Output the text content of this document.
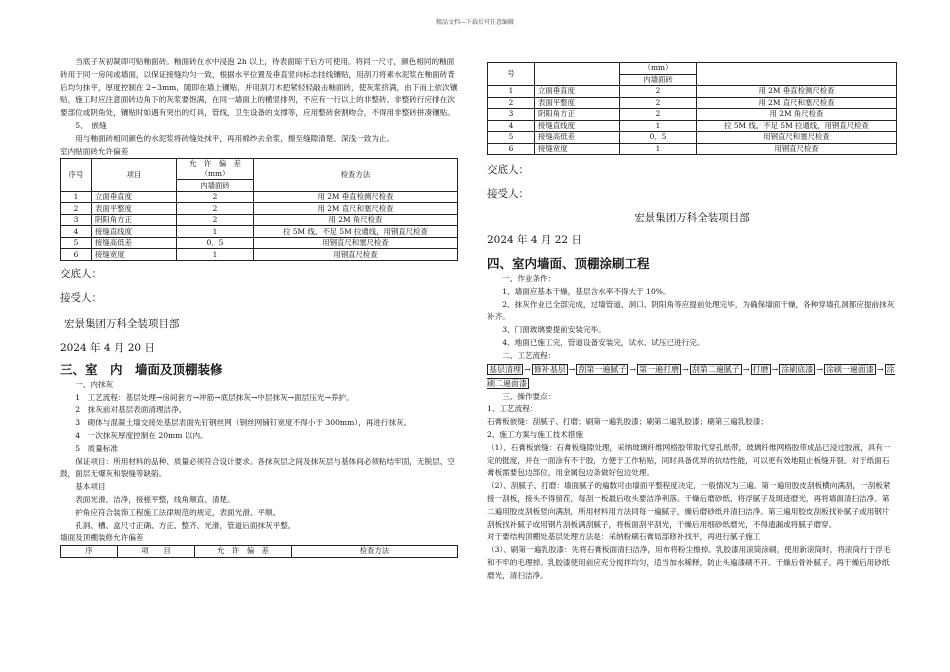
精品文档---下载后可任意编辑

当底子灰初凝即可贴釉面砖。釉面砖在水中浸泡 2h 以上，待表面晾干后方可使用。将同一尺寸，颜色相同的釉面砖用于同一房间或墙面，以保证接缝均匀一致，根据水平位置及垂直竖向标志挂线镶贴，用刮刀将素水泥浆在釉面砖背后均匀抹平，厚度控制在 2~3mm，随即在墙上镶贴，并用刮刀木把紧轻轻敲击釉面砖，使灰浆挤满，由下而上依次镶贴，施工时应注意面砖边角下的灰浆要饱满，在同一墙面上的横竖排列，不应有一行以上的非整砖、非整砖行应排在次要部位或阴角处，镶贴时如遇有突出的灯具，管线，卫生设备的支撑等，应用整砖套割吻合，不得用非整砖拼凑镶贴。

5、　嵌缝

用与釉面砖相同颜色的水泥浆将砖缝处抹平，再用棉纱去余浆，擦至缝隙清楚、深浅一致为止。

室内贴面砖允许偏差

序号	项目	允　许　偏　差（mm）	检查方法
		内墙面砖	
1	立面垂直度	2	用 2M 垂直检测尺检查
2	表面平整度	2	用 2M 直尺和塞尺检查
3	阴阳角方正	2	用 2M 角尺检查
4	接缝直线度	1	拉 5M 线、不足 5M 拉通线，用钢直尺检查
5	接缝高低差	0．5	用钢直尺和塞尺检查
6	接缝宽度	1	用钢直尺检查

交底人：

接受人：

宏景集团万科全装项目部

2024 年 4 月 20 日

三、室　内　墙面及顶棚装修

一、内抹灰

1　工艺流程：基层处理→房间套方→冲筋→底层抹灰→中层抹灰→面层压光→养护。

2　抹灰前对基层表面清理洁净。

3　砌体与混凝土墙交接处基层表面先钉钢丝网（钢丝网铺钉宽度不得小于 300mm），再进行抹灰。

4　一次抹灰厚度控制在 20mm 以内。

5　质量标准

保证项目：所用材料的品种、质量必须符合设计要求。各抹灰层之间及抹灰层与基体间必须粘结牢固，无脱层、空鼓，面层无爆灰和裂缝等缺陷。

基本项目

表面光滑、洁净，接槎平整，线角顺直、清楚。

护角应符合装饰工程施工法律规范的规定，表面光滑、平顺。

孔洞、槽、盒尺寸正确、方正、整齐、光滑，管道后面抹灰平整。

墙面及顶棚装修允许偏差

序	项　　目	允　许　偏　差	检查方法
号		（mm）	
		内墙面砖	
1	立面垂直度	2	用 2M 垂直检测尺检查
2	表面平整度	2	用 2M 直尺和塞尺检查
3	阴阳角方正	2	用 2M 角尺检查
4	接缝直线度	1	拉 5M 线、不足 5M 拉通线，用钢直尺检查
5	接缝高低差	0．5	用钢直尺和塞尺检查
6	接缝宽度	1	用钢直尺检查

交底人：

接受人：

宏景集团万科全装项目部

2024 年 4 月 22 日

四、室内墙面、顶棚涂刷工程

一、作业条件：

1、墙面应基本干燥，基层含水率不得大于 10%。

2、抹灰作业已全部完成，过墙管道、洞口、阴阳角等应提前处理完毕，为确保墙面干燥，各种穿墙孔洞都应提前抹灰补齐。

3、门窗玻璃要提前安装完毕。

4、地面已施工完，管道设备安装完，试水、试压已进行完。

二、工艺流程：

基层清理 → 修补基层 → 刮第一遍腻子 → 第一遍打磨 → 刮第二遍腻子 → 打磨 → 涂刷底漆 → 涂刷一遍面漆 → 涂刷二遍面漆

三、操作要点：

1、工艺流程：

石膏板嵌缝：刮腻子、打磨；刷第一遍乳胶漆；刷第二遍乳胶漆；刷第三遍乳胶漆；

2、施工方案与施工技术措施

（1）、石膏板嵌缝：石膏板缝隙处理，采纳玻璃纤维网格胶带取代穿孔纸带，玻璃纤维网格胶带成品已浸过胶液，具有一定的挺度，并在一面涂有不干胶，方便于工作粘贴，同时具备优异的抗结性能，可以更有效地阻止板缝开裂。对于纸面石膏板需要包边部位，用金属包边条做好包边处理。

（2）、刮腻子、打磨：墙面腻子的遍数可由墙面平整程度决定，一般情况为三遍。第一遍用胶皮刮板横向满刮，一刮板紧接一刮板，接头不得留茬，每刮一板最后收头要洁净利落。干燥后磨砂纸，将浮腻子及斑迹磨光，再将墙面清扫洁净。第二遍用胶皮刮板竖向满刮，所用材料用方法同每一遍腻子，燥后磨砂纸并清扫洁净。第三遍用胶皮刮板找补腻子或用钢片刮板找补腻子或用钢片刮板满刮腻子，将板面刮平刮光，干燥后用细砂纸磨光，不得遗漏或将腻子磨穿。

对于要结构顶棚处基层处理方法是：采纳粉刷石膏局部修补找平，再进行腻子施工

（3）、刷第一遍乳胶漆：先将石膏板面清扫洁净，用布将粉尘擦掉。乳胶漆用滚筒涂刷，使用新滚筒时，将滚筒行于浮毛和不牢的毛理掉。乳胶漆使用前应充分搅拌均匀，适当加水稀释，防止头遍漆刷不开。干燥后骨补腻子，再干燥后用砂纸磨光，清扫洁净。
